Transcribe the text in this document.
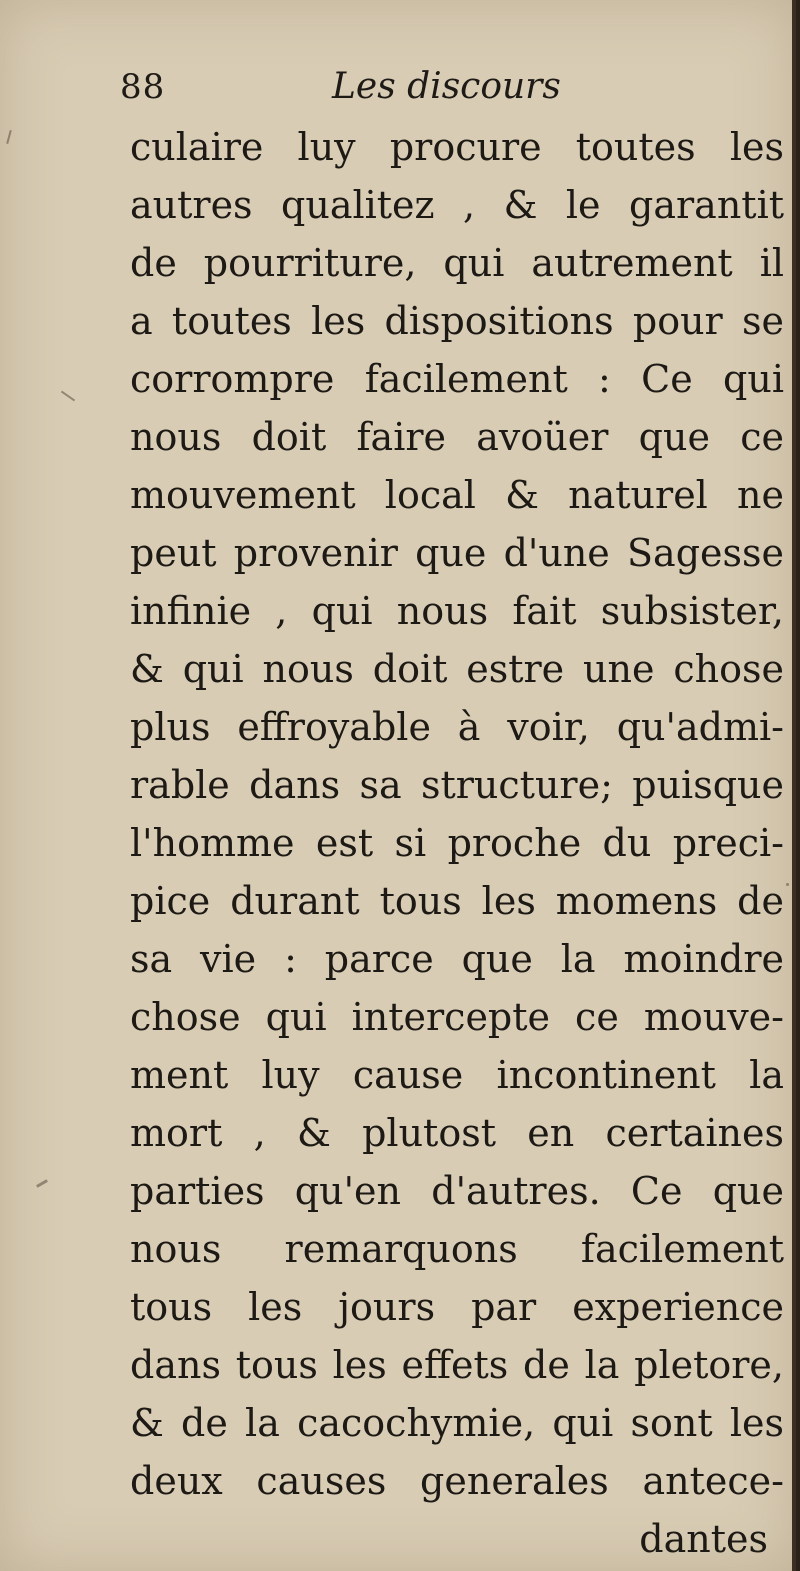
88	Les discours
culaire luy procure toutes les
autres qualitez , & le garantit
de pourriture, qui autrement il
a toutes les dispositions pour se
corrompre facilement : Ce qui
nous doit faire avoüer que ce
mouvement local & naturel ne
peut provenir que d'une Sagesse
infinie , qui nous fait subsister,
& qui nous doit estre une chose
plus effroyable à voir, qu'admi-
rable dans sa structure; puisque
l'homme est si proche du preci-
pice durant tous les momens de
sa vie : parce que la moindre
chose qui intercepte ce mouve-
ment luy cause incontinent la
mort , & plutost en certaines
parties qu'en d'autres. Ce que
nous remarquons facilement
tous les jours par experience
dans tous les effets de la pletore,
& de la cacochymie, qui sont les
deux causes generales antece-
dantes
